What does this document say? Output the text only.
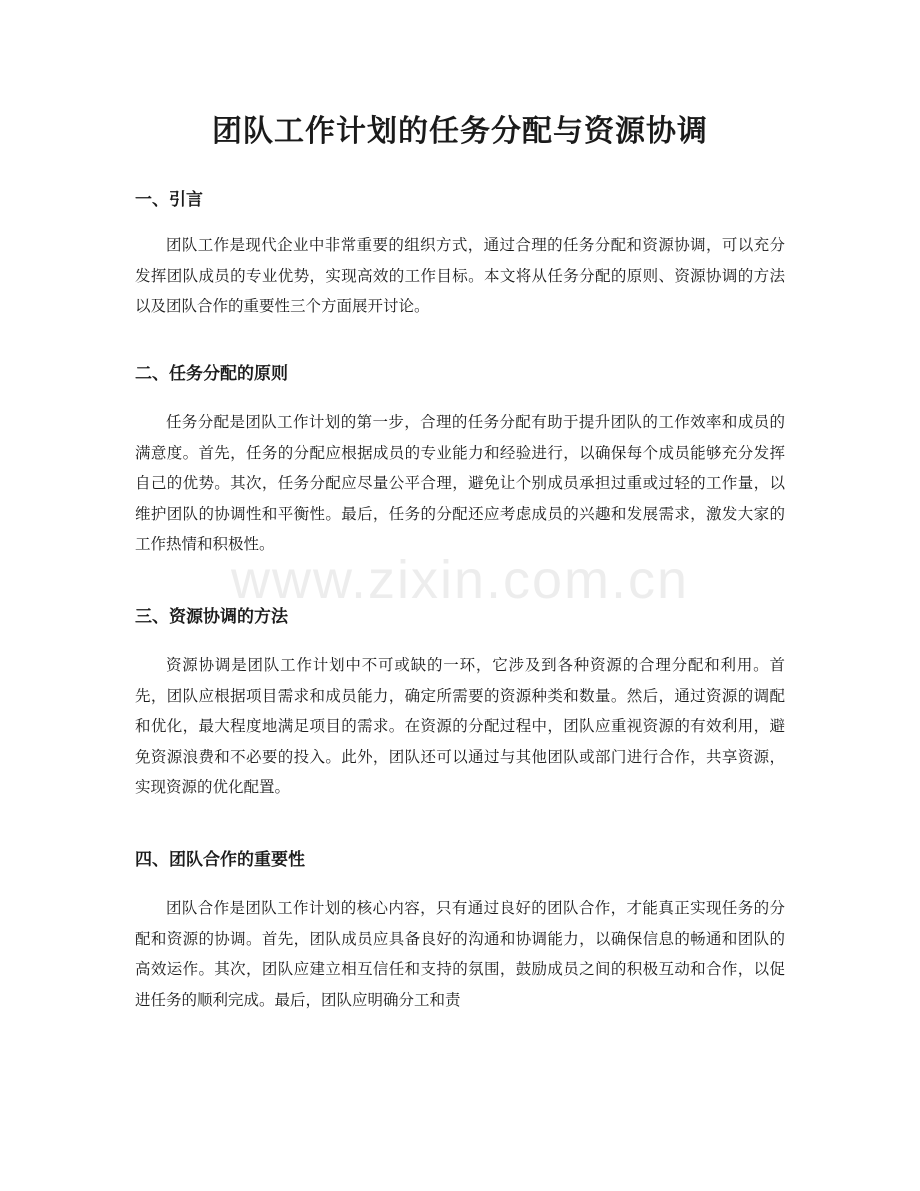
团队工作计划的任务分配与资源协调
一、引言

团队工作是现代企业中非常重要的组织方式，通过合理的任务分配和资源协调，可以充分发挥团队成员的专业优势，实现高效的工作目标。本文将从任务分配的原则、资源协调的方法以及团队合作的重要性三个方面展开讨论。

二、任务分配的原则

任务分配是团队工作计划的第一步，合理的任务分配有助于提升团队的工作效率和成员的满意度。首先，任务的分配应根据成员的专业能力和经验进行，以确保每个成员能够充分发挥自己的优势。其次，任务分配应尽量公平合理，避免让个别成员承担过重或过轻的工作量，以维护团队的协调性和平衡性。最后，任务的分配还应考虑成员的兴趣和发展需求，激发大家的工作热情和积极性。

三、资源协调的方法

资源协调是团队工作计划中不可或缺的一环，它涉及到各种资源的合理分配和利用。首先，团队应根据项目需求和成员能力，确定所需要的资源种类和数量。然后，通过资源的调配和优化，最大程度地满足项目的需求。在资源的分配过程中，团队应重视资源的有效利用，避免资源浪费和不必要的投入。此外，团队还可以通过与其他团队或部门进行合作，共享资源，实现资源的优化配置。

四、团队合作的重要性

团队合作是团队工作计划的核心内容，只有通过良好的团队合作，才能真正实现任务的分配和资源的协调。首先，团队成员应具备良好的沟通和协调能力，以确保信息的畅通和团队的高效运作。其次，团队应建立相互信任和支持的氛围，鼓励成员之间的积极互动和合作，以促进任务的顺利完成。最后，团队应明确分工和责

www.zixin.com.cn
